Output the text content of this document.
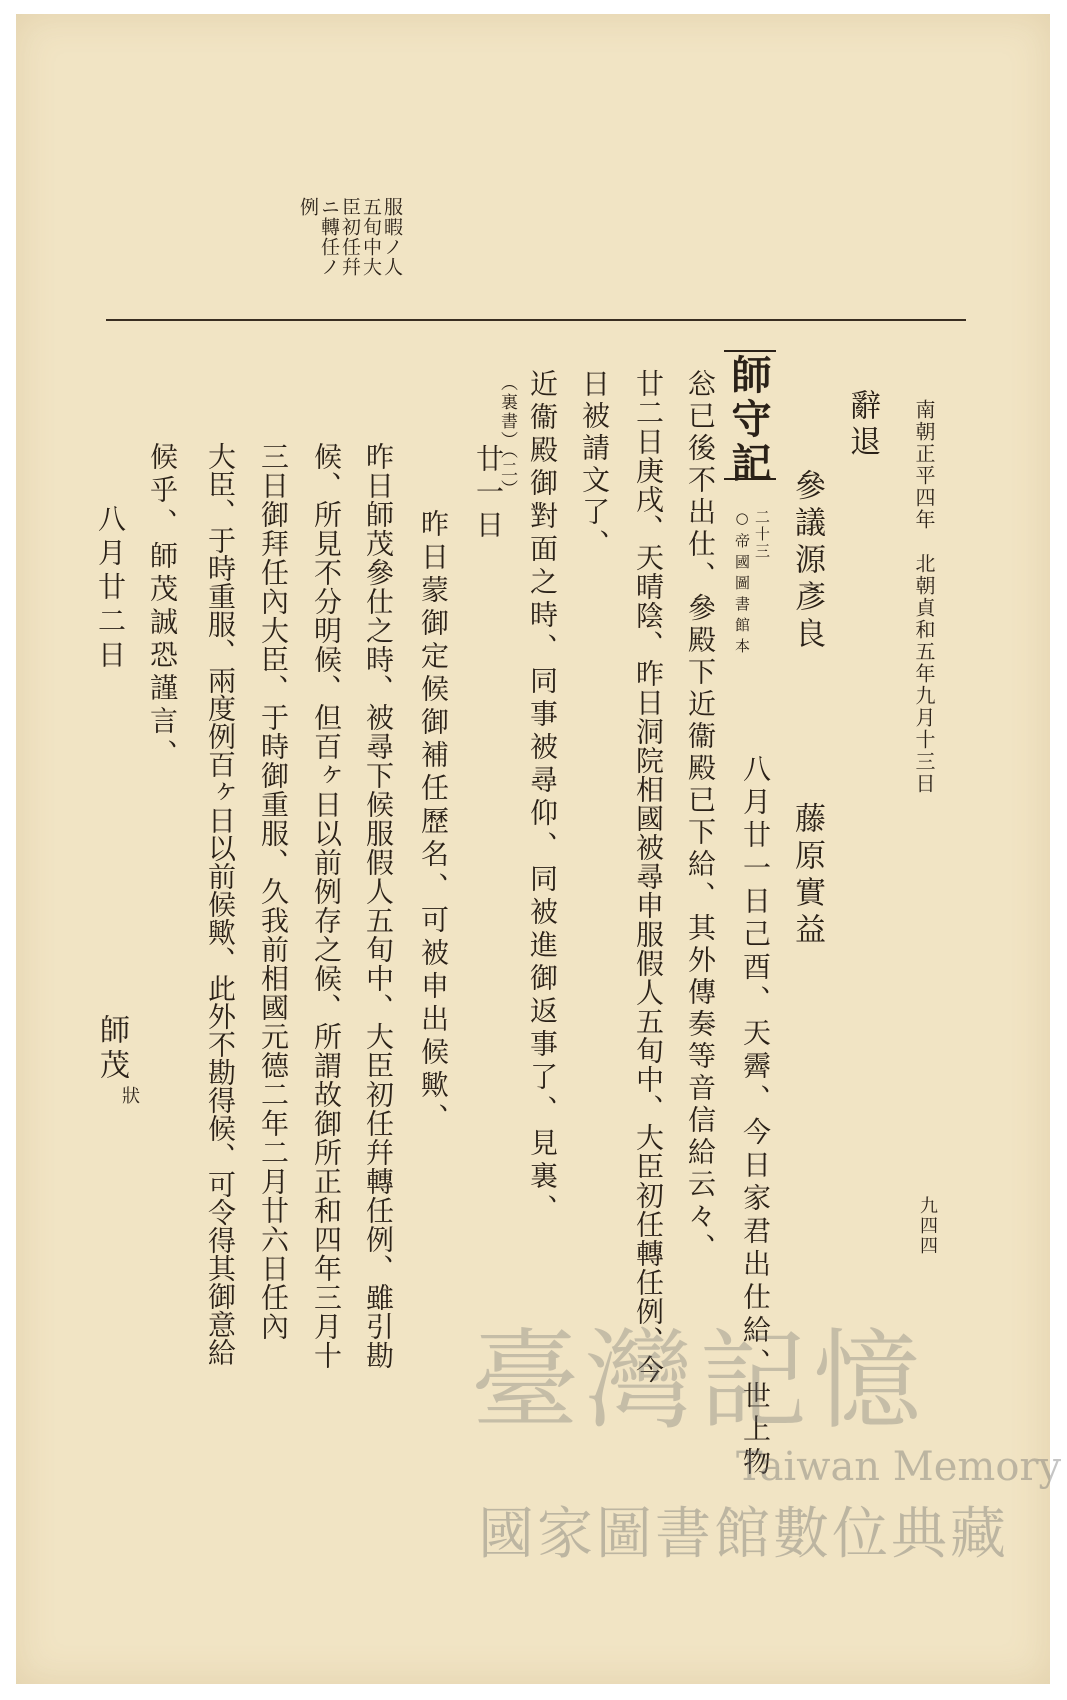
南朝正平四年　北朝貞和五年九月十三日
九四四
服暇ノ人
五旬中大
臣初任幷
ニ轉任ノ
例
辭退
參議源彥良　　　　藤原實益
師守記
二十三
○帝國圖書館本
八月廿一日己酉、天霽、今日家君出仕給、世上物
忩已後不出仕、參殿下近衞殿已下給、其外傳奏等音信給云々、
廿二日庚戌、天晴陰、昨日洞院相國被尋申服假人五旬中、大臣初任轉任例、今
日被請文了、
近衞殿御對面之時、同事被尋仰、同被進御返事了、見裏、
（裏書）（二）
廿一日
昨日蒙御定候御補任歷名、可被申出候歟、
昨日師茂參仕之時、被尋下候服假人五旬中、大臣初任幷轉任例、雖引勘
候、所見不分明候、但百ヶ日以前例存之候、所謂故御所正和四年三月十
三日御拜任內大臣、于時御重服、久我前相國元德二年二月廿六日任內
大臣、于時重服、兩度例百ヶ日以前候歟、此外不勘得候、可令得其御意給
候乎、師茂誠恐謹言、
八月廿二日
師茂
狀
臺灣記憶
Taiwan Memory
國家圖書館數位典藏
